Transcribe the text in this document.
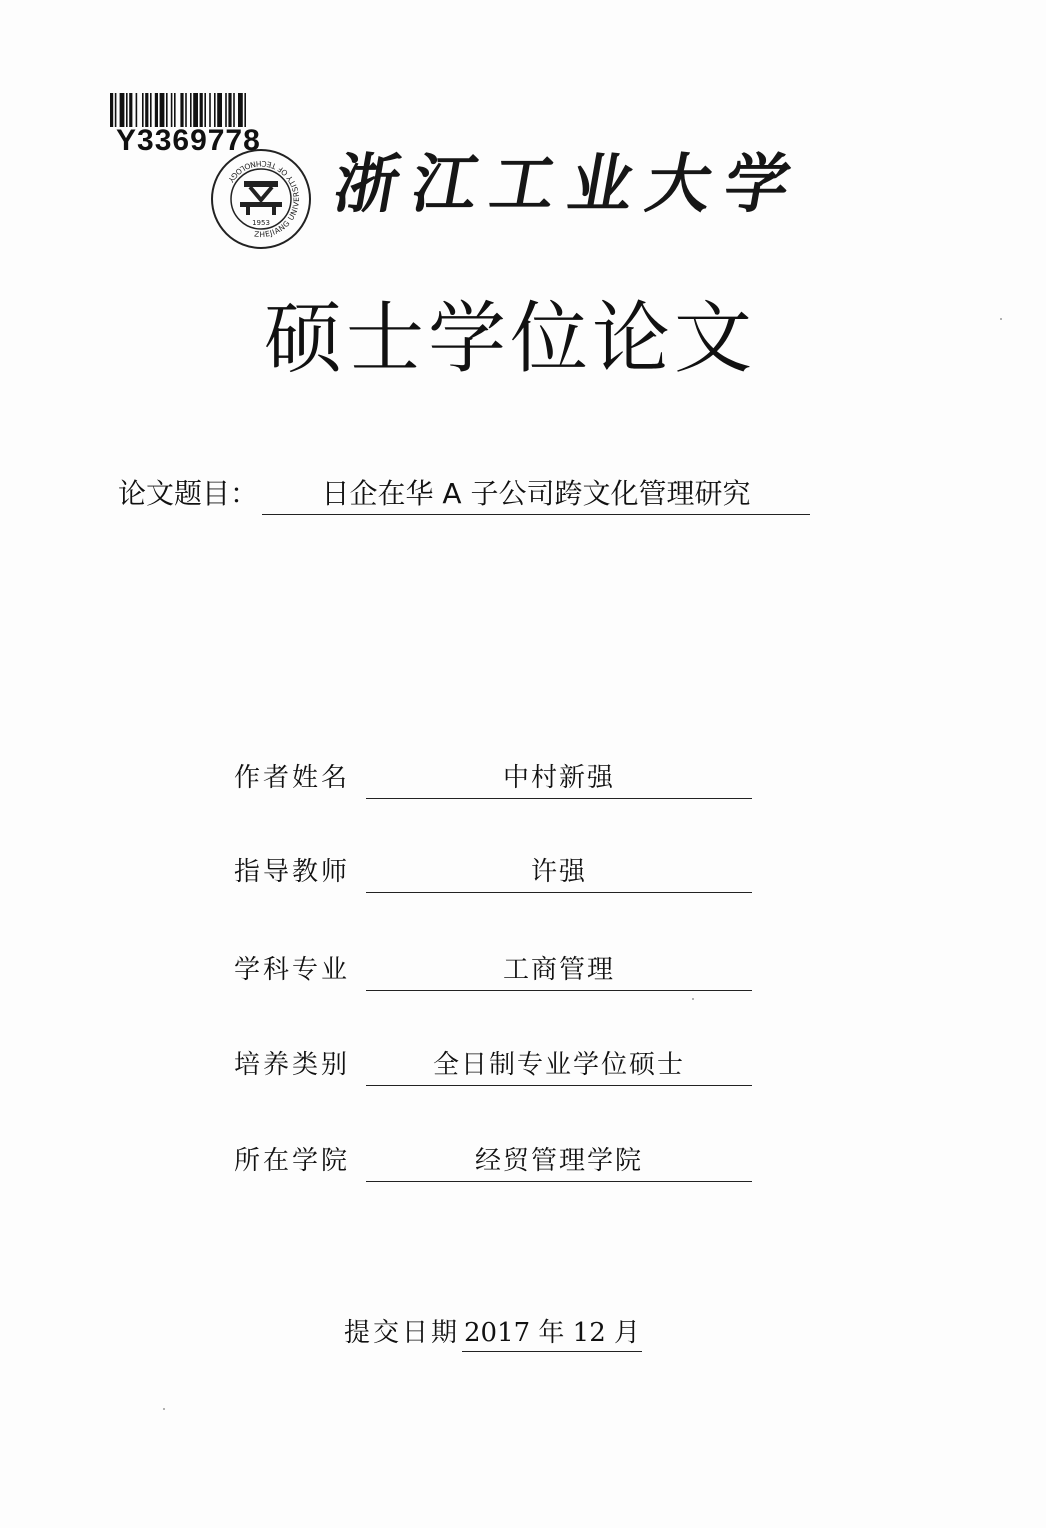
Y3369778
ZHEJIANG UNIVERSITY OF TECHNOLOGY
1953
浙江工业大学
硕士学位论文
论文题目：	日企在华 A 子公司跨文化管理研究
作者姓名	中村新强
指导教师	许强
学科专业	工商管理
培养类别	全日制专业学位硕士
所在学院	经贸管理学院
提交日期 2017 年 12 月
